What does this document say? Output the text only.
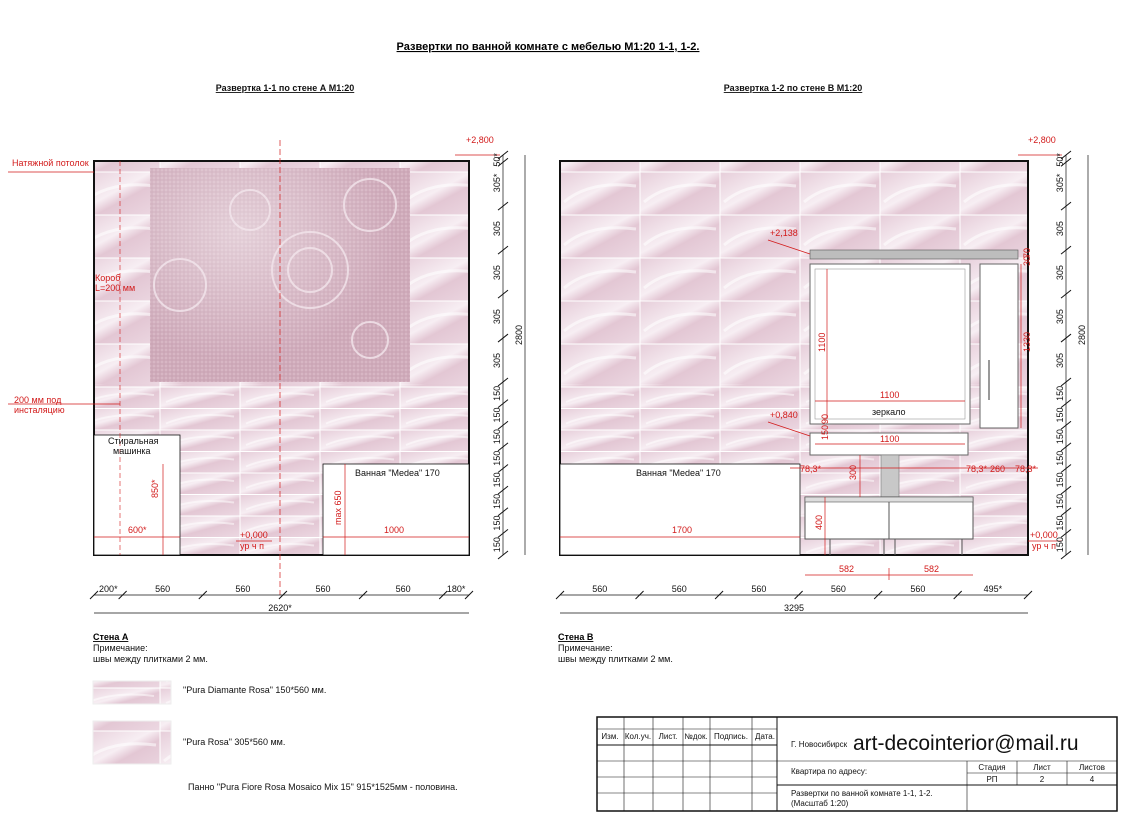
Развертки по ванной комнате с мебелью М1:20 1-1, 1-2.
Развертка 1-1 по стене А М1:20	Развертка 1-2 по стене В М1:20
Натяжной потолок
+2,800
Короб
L=200 мм
200 мм под
инсталяцию
Стиральная
машинка
Ванная "Medea" 170
850*
600*
max 650
1000
+0,000
ур ч п
2800
50*
305*
305
305
305
305
150
150
150
150
150
150
150
150
2620*
200*	560	560	560	560	180*
+2,800
+2,138
+0,840
+0,000
ур ч п
зеркало
Ванная "Medea" 170
1100
1100
1100
1330
30
70
150
90
300
400
78,3*	78,3* 260 78,3*
1700
582	582
2800
50*
305*
305
305
305
305
150
150
150
150
150
150
150
150
3295
560	560	560	560	560	495*
Стена А
Примечание:
швы между плитками 2 мм.
Стена В
Примечание:
швы между плитками 2 мм.
"Pura Diamante Rosa" 150*560 мм.
"Pura Rosa" 305*560 мм.
Панно "Pura Fiore Rosa Mosaico Mix 15" 915*1525мм - половина.
Изм. Кол.уч. Лист. №док. Подпись. Дата.
Г. Новосибирск art-decointerior@mail.ru
Квартира по адресу:
Развертки по ванной комнате 1-1, 1-2.
(Масштаб 1:20)
Стадия	Лист	Листов
РП	2	4
